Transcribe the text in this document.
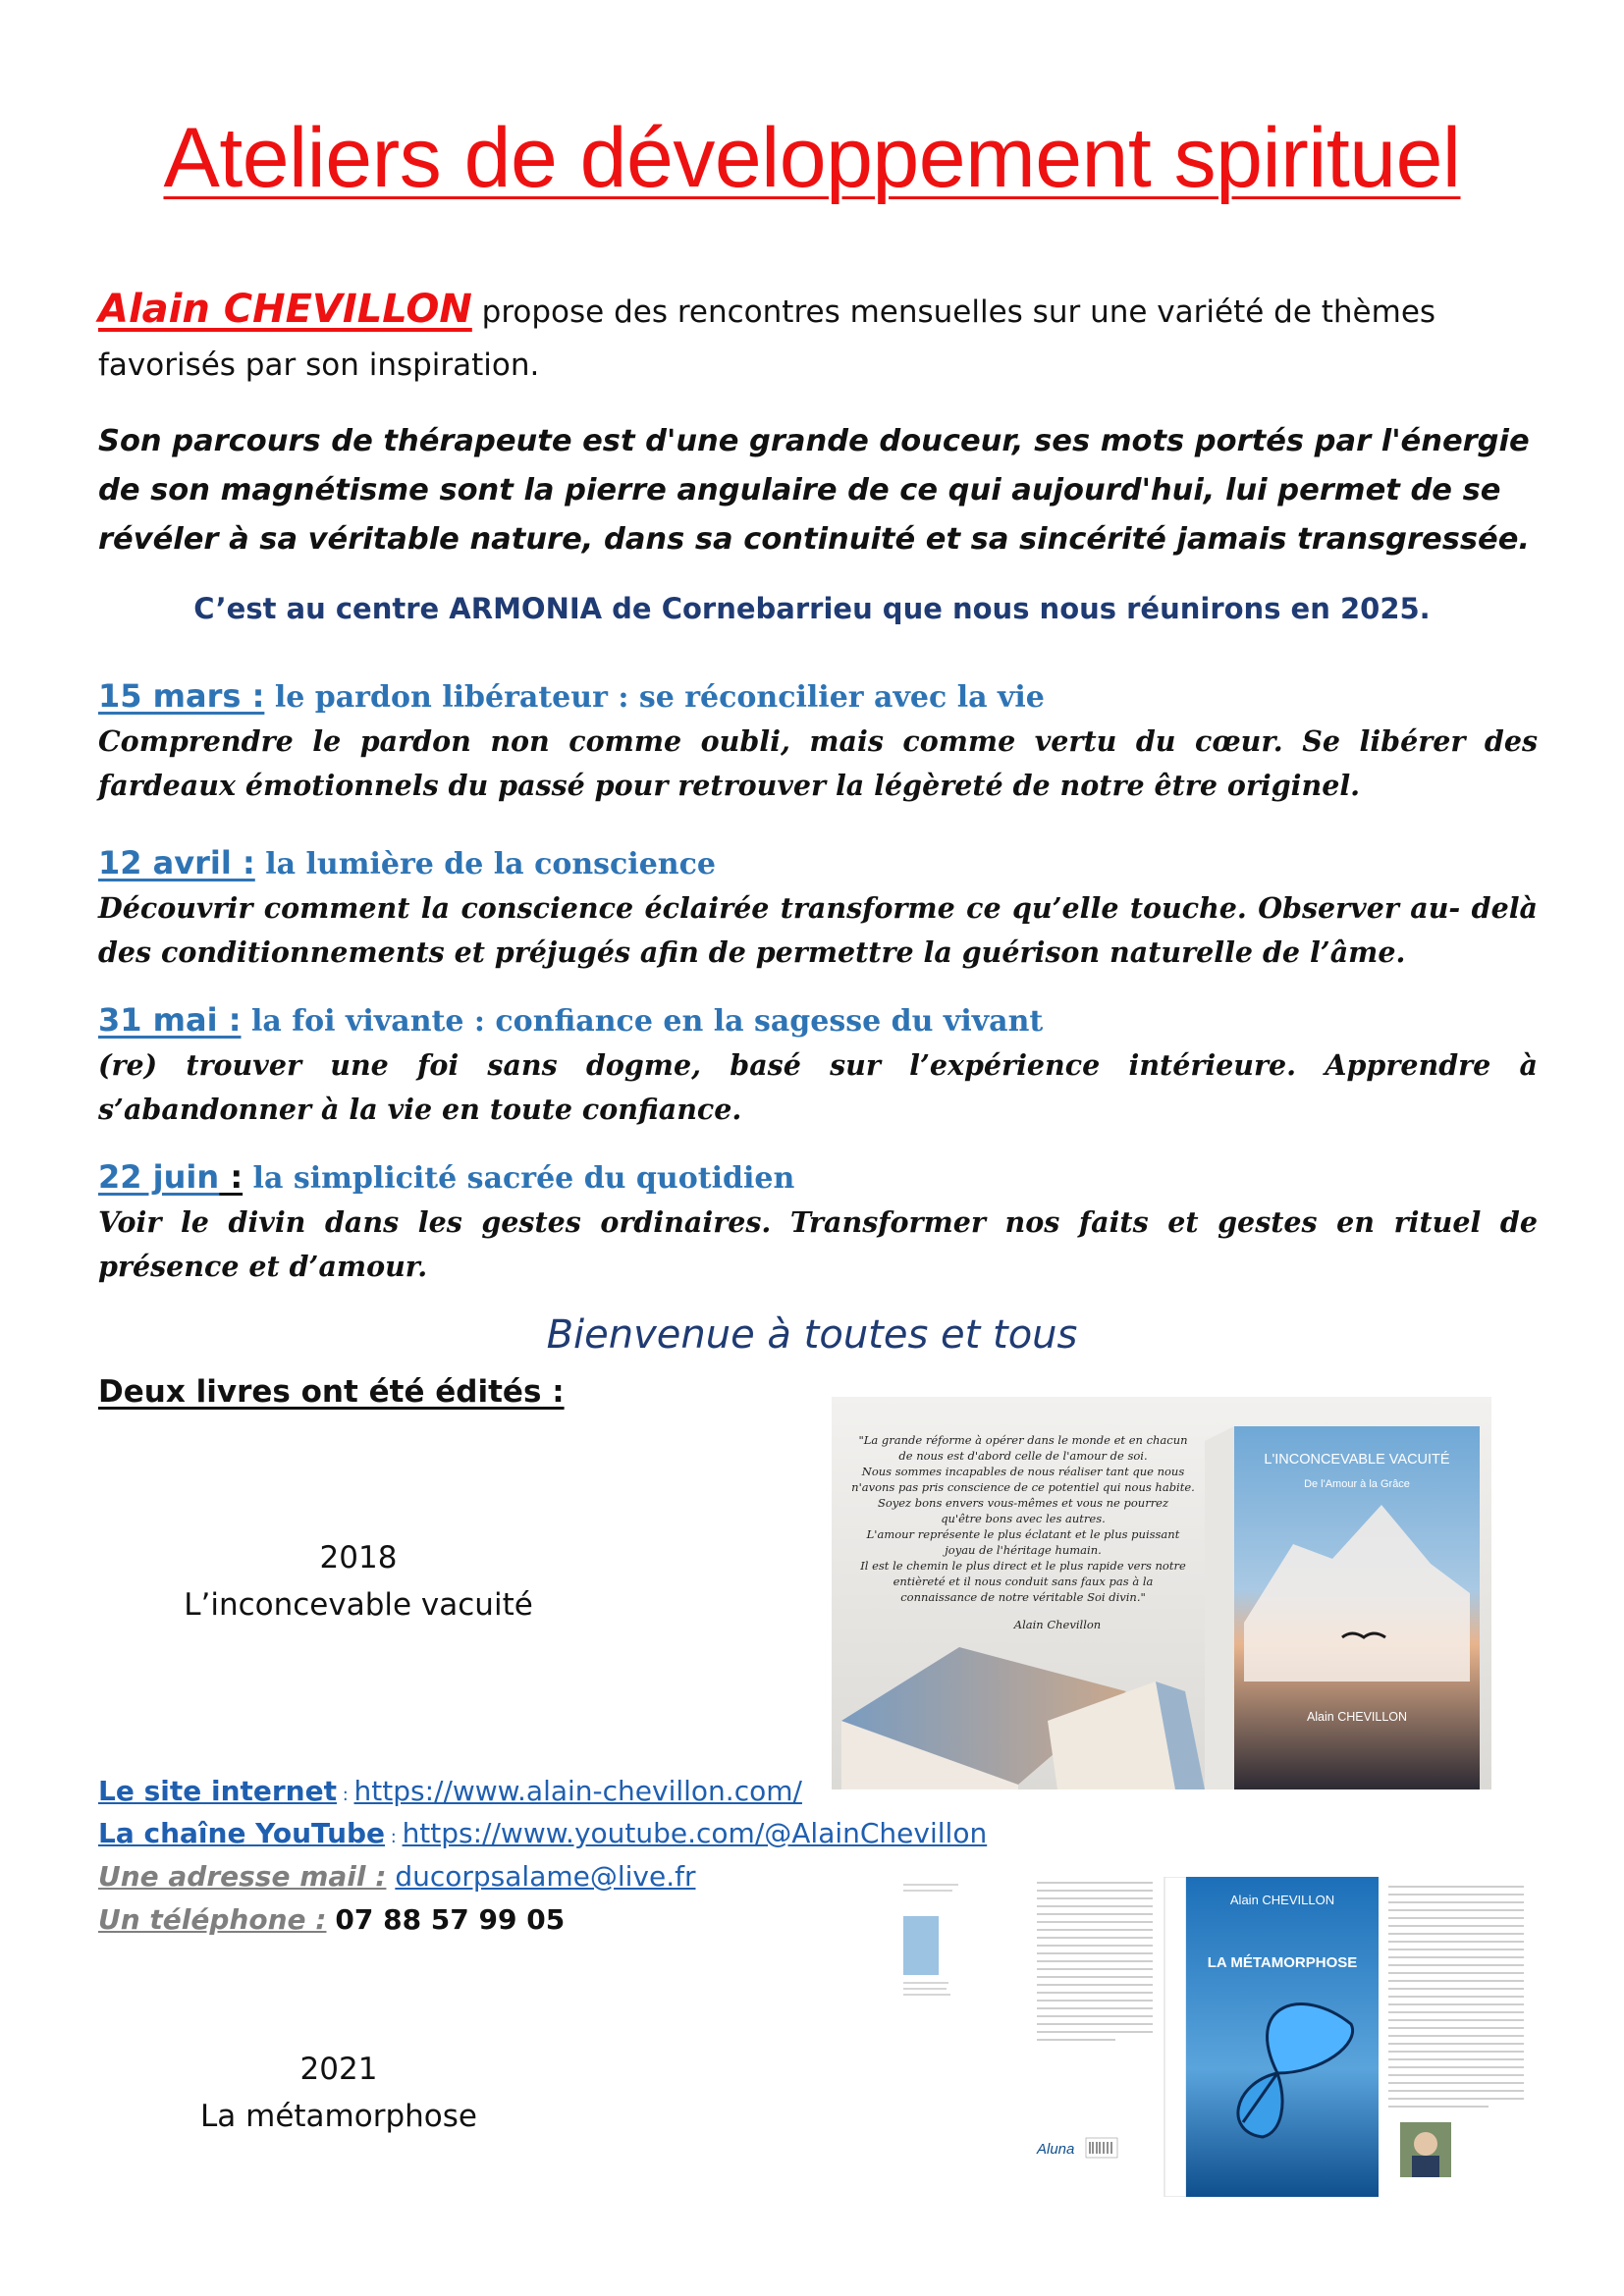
Ateliers de développement spirituel

Alain CHEVILLON propose des rencontres mensuelles sur une variété de thèmes favorisés par son inspiration.

Son parcours de thérapeute est d'une grande douceur, ses mots portés par l'énergie de son magnétisme sont la pierre angulaire de ce qui aujourd'hui, lui permet de se révéler à sa véritable nature, dans sa continuité et sa sincérité jamais transgressée.

C’est au centre ARMONIA de Cornebarrieu que nous nous réunirons en 2025.

15 mars : le pardon libérateur : se réconcilier avec la vie
Comprendre le pardon non comme oubli, mais comme vertu du cœur. Se libérer des fardeaux émotionnels du passé pour retrouver la légèreté de notre être originel.
12 avril : la lumière de la conscience
Découvrir comment la conscience éclairée transforme ce qu’elle touche. Observer au- delà des conditionnements et préjugés afin de permettre la guérison naturelle de l’âme.
31 mai : la foi vivante : confiance en la sagesse du vivant
(re) trouver une foi sans dogme, basé sur l’expérience intérieure. Apprendre à s’abandonner à la vie en toute confiance.
22 juin : la simplicité sacrée du quotidien
Voir le divin dans les gestes ordinaires. Transformer nos faits et gestes en rituel de présence et d’amour.
Bienvenue à toutes et tous
Deux livres ont été édités :
2018
L’inconcevable vacuité
2021
La métamorphose
Le site internet : https://www.alain-chevillon.com/
La chaîne YouTube : https://www.youtube.com/@AlainChevillon
Une adresse mail : ducorpsalame@live.fr
Un téléphone : 07 88 57 99 05
"La grande réforme à opérer dans le monde et en chacun
de nous est d'abord celle de l'amour de soi.
Nous sommes incapables de nous réaliser tant que nous
n'avons pas pris conscience de ce potentiel qui nous habite.
Soyez bons envers vous-mêmes et vous ne pourrez
qu'être bons avec les autres.
L'amour représente le plus éclatant et le plus puissant
joyau de l'héritage humain.
Il est le chemin le plus direct et le plus rapide vers notre
entièreté et il nous conduit sans faux pas à la
connaissance de notre véritable Soi divin."
Alain Chevillon
L'INCONCEVABLE VACUITÉ
De l'Amour à la Grâce
Alain CHEVILLON
Aluna
Alain CHEVILLON
LA MÉTAMORPHOSE
